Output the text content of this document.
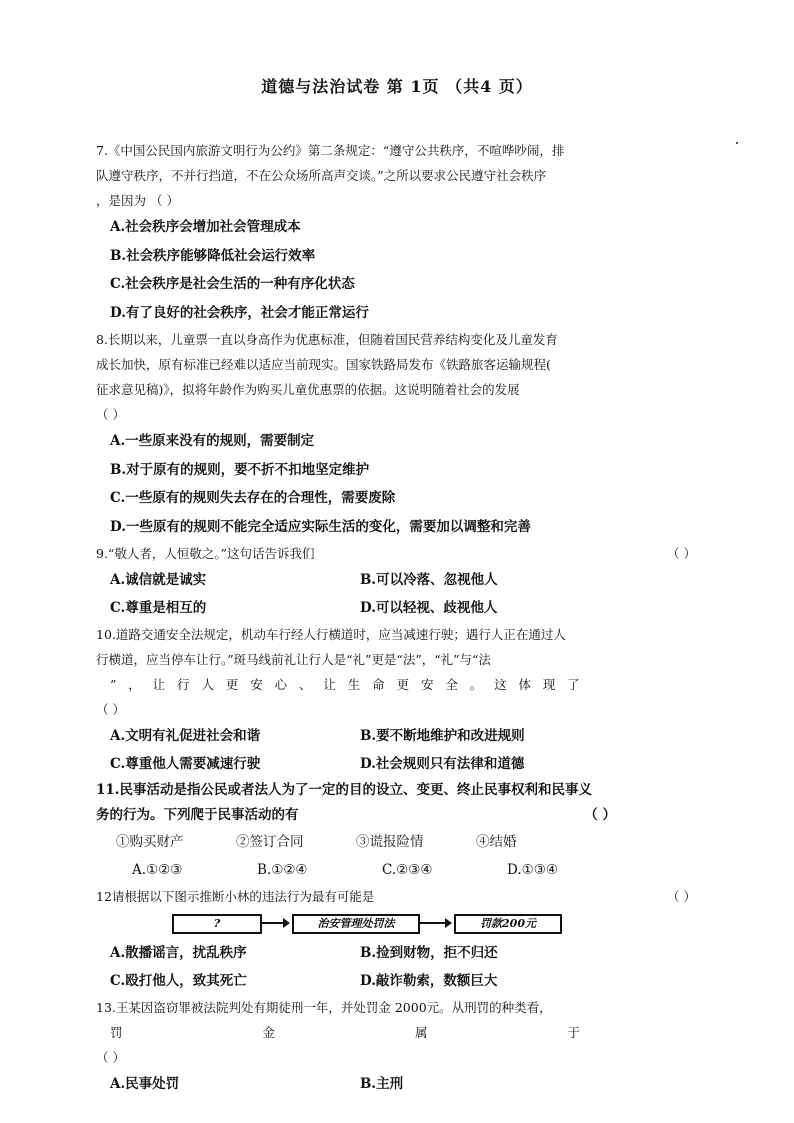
道德与法治试卷 第 1页 （共4 页）
7.《中国公民国内旅游文明行为公约》第二条规定：“遵守公共秩序，不喧哗吵闹，排
队遵守秩序，不并行挡道，不在公众场所高声交谈。”之所以要求公民遵守社会秩序
，是因为 （ ）
A.社会秩序会增加社会管理成本
B.社会秩序能够降低社会运行效率
C.社会秩序是社会生活的一种有序化状态
D.有了良好的社会秩序，社会才能正常运行
8.长期以来，儿童票一直以身高作为优惠标准，但随着国民营养结构变化及儿童发育
成长加快，原有标准已经难以适应当前现实。国家铁路局发布《铁路旅客运输规程(
征求意见稿)》，拟将年龄作为购买儿童优惠票的依据。这说明随着社会的发展
（ ）
A.一些原来没有的规则，需要制定
B.对于原有的规则，要不折不扣地坚定维护
C.一些原有的规则失去存在的合理性，需要废除
D.一些原有的规则不能完全适应实际生活的变化，需要加以调整和完善
9.“敬人者，人恒敬之。”这句话告诉我们	（ ）
A.诚信就是诚实	B.可以冷落、忽视他人
C.尊重是相互的	D.可以轻视、歧视他人
10.道路交通安全法规定，机动车行经人行横道时，应当减速行驶；遇行人正在通过人
行横道，应当停车让行。”斑马线前礼让行人是“礼”更是“法”，“礼”与“法
” ， 让 行 人 更 安 心 、 让 生 命 更 安 全 。 这 体 现 了
（ ）
A.文明有礼促进社会和谐	B.要不断地维护和改进规则
C.尊重他人需要减速行驶	D.社会规则只有法律和道德
11.民事活动是指公民或者法人为了一定的目的设立、变更、终止民事权利和民事义
务的行为。下列爬于民事活动的有	（ ）
①购买财产	②签订合同	③谎报险情	④结婚
A.①②③	B.①②④	C.②③④	D.①③④
12请根据以下图示推断小林的违法行为最有可能是	（ ）
?	治安管理处罚法	罚款200元
A.散播谣言，扰乱秩序	B.捡到财物，拒不归还
C.殴打他人，致其死亡	D.敲诈勒索，数额巨大
13.王某因盗窃罪被法院判处有期徒刑一年，并处罚金 2000元。从刑罚的种类看，
罚	金	属	于
（ ）
A.民事处罚	B.主刑
